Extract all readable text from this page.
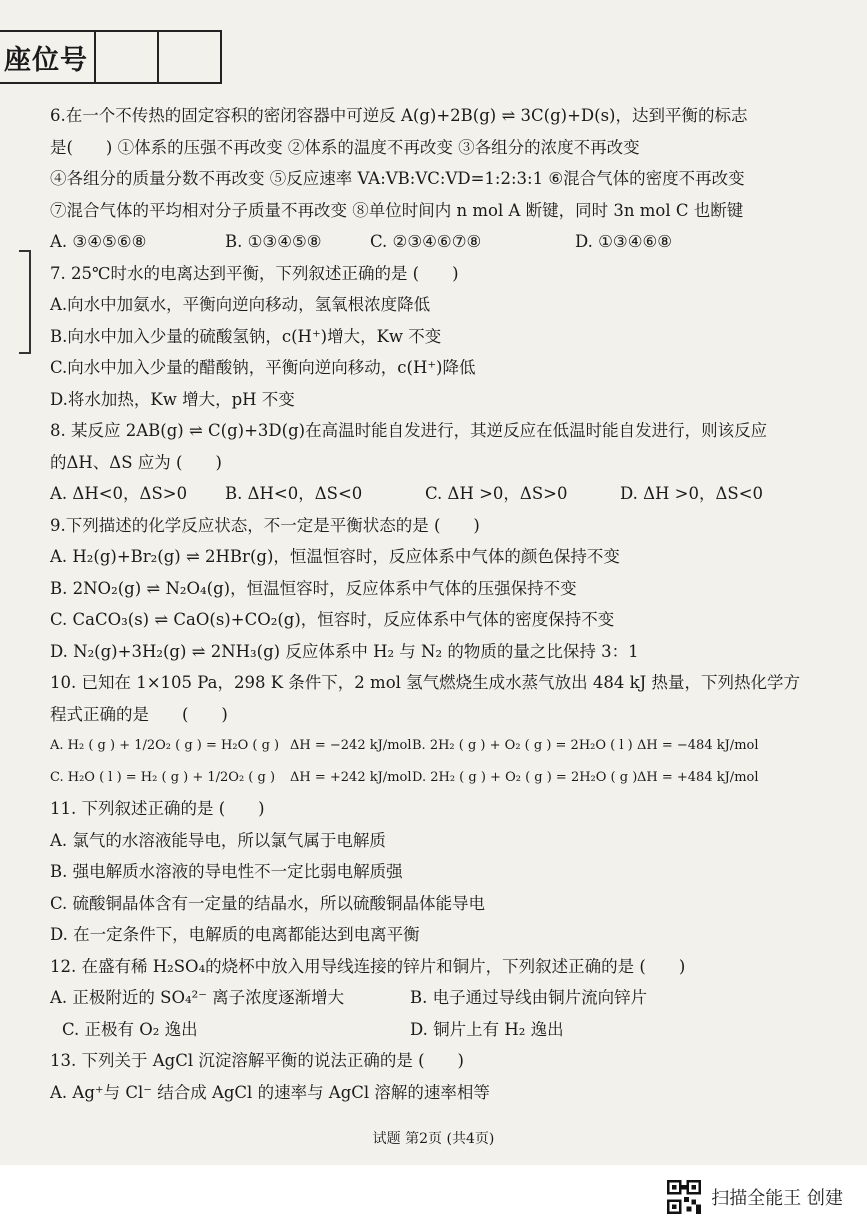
座位号
6.在一个不传热的固定容积的密闭容器中可逆反 A(g)+2B(g) ⇌ 3C(g)+D(s)，达到平衡的标志
是(　　) ①体系的压强不再改变 ②体系的温度不再改变 ③各组分的浓度不再改变
④各组分的质量分数不再改变 ⑤反应速率 VA:VB:VC:VD=1:2:3:1 ⑥混合气体的密度不再改变
⑦混合气体的平均相对分子质量不再改变 ⑧单位时间内 n mol A 断键，同时 3n mol C 也断键
A. ③④⑤⑥⑧	B. ①③④⑤⑧	C. ②③④⑥⑦⑧	D. ①③④⑥⑧
7. 25℃时水的电离达到平衡，下列叙述正确的是 (　　)
A.向水中加氨水，平衡向逆向移动，氢氧根浓度降低
B.向水中加入少量的硫酸氢钠，c(H⁺)增大，Kw 不变
C.向水中加入少量的醋酸钠，平衡向逆向移动，c(H⁺)降低
D.将水加热，Kw 增大，pH 不变
8. 某反应 2AB(g) ⇌ C(g)+3D(g)在高温时能自发进行，其逆反应在低温时能自发进行，则该反应
的ΔH、ΔS 应为 (　　)
A. ΔH<0，ΔS>0	B. ΔH<0，ΔS<0	C. ΔH >0，ΔS>0	D. ΔH >0，ΔS<0
9.下列描述的化学反应状态，不一定是平衡状态的是 (　　)
A. H₂(g)+Br₂(g) ⇌ 2HBr(g)，恒温恒容时，反应体系中气体的颜色保持不变
B. 2NO₂(g) ⇌ N₂O₄(g)，恒温恒容时，反应体系中气体的压强保持不变
C. CaCO₃(s) ⇌ CaO(s)+CO₂(g)，恒容时，反应体系中气体的密度保持不变
D. N₂(g)+3H₂(g) ⇌ 2NH₃(g) 反应体系中 H₂ 与 N₂ 的物质的量之比保持 3：1
10. 已知在 1×105 Pa，298 K 条件下，2 mol 氢气燃烧生成水蒸气放出 484 kJ 热量，下列热化学方
程式正确的是　　(　　)
A. H₂ ( g ) + 1/2O₂ ( g ) = H₂O ( g ) ΔH = −242 kJ/mol B. 2H₂ ( g ) + O₂ ( g ) = 2H₂O ( l ) ΔH = −484 kJ/mol
C. H₂O ( l ) = H₂ ( g ) + 1/2O₂ ( g )	ΔH = +242 kJ/mol D. 2H₂ ( g ) + O₂ ( g ) = 2H₂O ( g ) ΔH = +484 kJ/mol
11. 下列叙述正确的是 (　　)
A. 氯气的水溶液能导电，所以氯气属于电解质
B. 强电解质水溶液的导电性不一定比弱电解质强
C. 硫酸铜晶体含有一定量的结晶水，所以硫酸铜晶体能导电
D. 在一定条件下，电解质的电离都能达到电离平衡
12. 在盛有稀 H₂SO₄的烧杯中放入用导线连接的锌片和铜片，下列叙述正确的是 (　　)
A. 正极附近的 SO₄²⁻ 离子浓度逐渐增大	B. 电子通过导线由铜片流向锌片
C. 正极有 O₂ 逸出	D. 铜片上有 H₂ 逸出
13. 下列关于 AgCl 沉淀溶解平衡的说法正确的是 (　　)
A. Ag⁺与 Cl⁻ 结合成 AgCl 的速率与 AgCl 溶解的速率相等
试题 第2页 (共4页)
扫描全能王 创建
